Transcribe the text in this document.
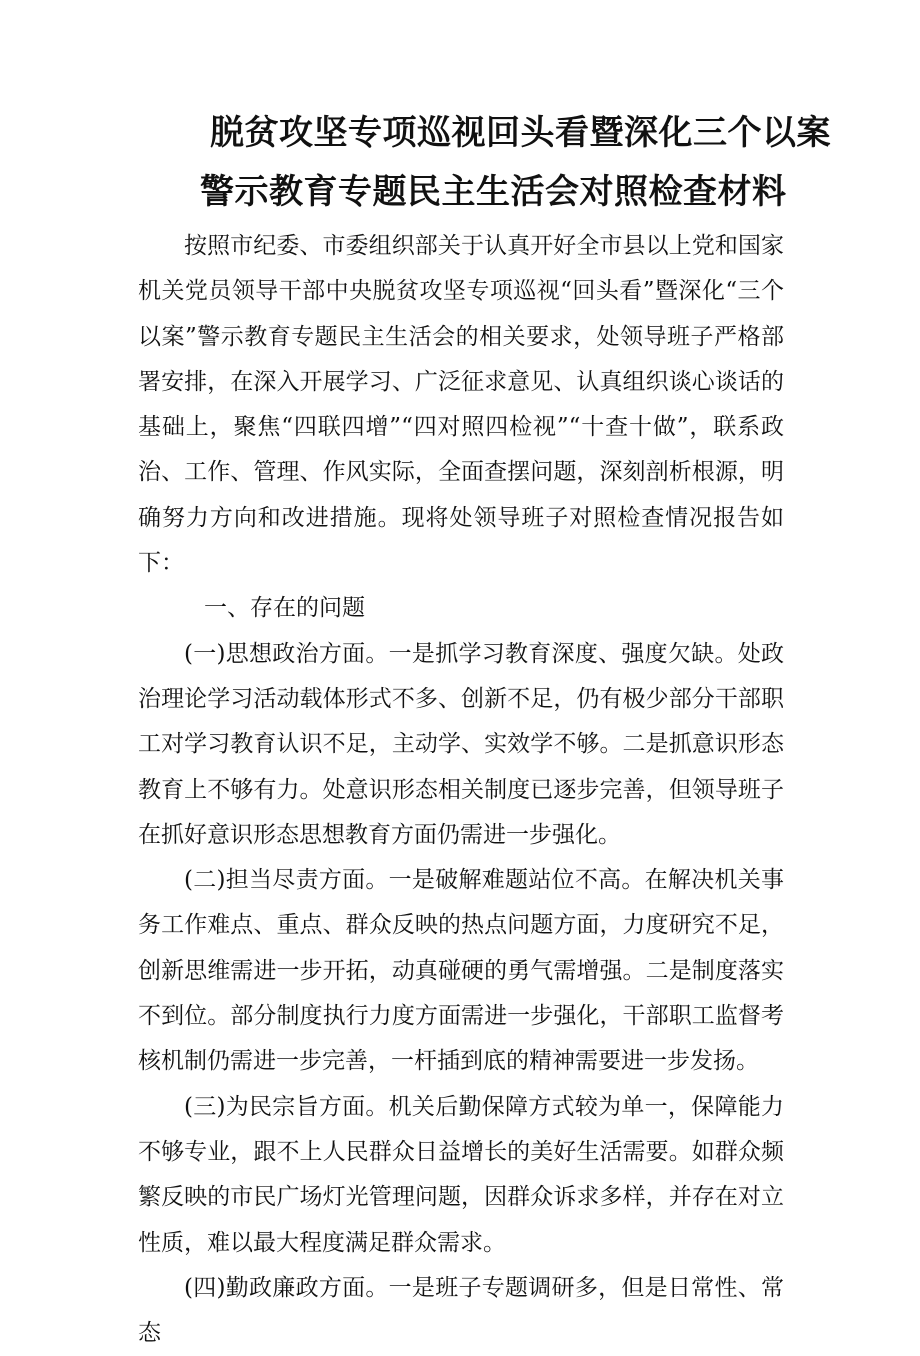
脱贫攻坚专项巡视回头看暨深化三个以案
警示教育专题民主生活会对照检查材料

按照市纪委、市委组织部关于认真开好全市县以上党和国家机关党员领导干部中央脱贫攻坚专项巡视“回头看”暨深化“三个以案”警示教育专题民主生活会的相关要求，处领导班子严格部署安排，在深入开展学习、广泛征求意见、认真组织谈心谈话的基础上，聚焦“四联四增”“四对照四检视”“十查十做”，联系政治、工作、管理、作风实际，全面查摆问题，深刻剖析根源，明确努力方向和改进措施。现将处领导班子对照检查情况报告如下：

一、存在的问题

(一)思想政治方面。一是抓学习教育深度、强度欠缺。处政治理论学习活动载体形式不多、创新不足，仍有极少部分干部职工对学习教育认识不足，主动学、实效学不够。二是抓意识形态教育上不够有力。处意识形态相关制度已逐步完善，但领导班子在抓好意识形态思想教育方面仍需进一步强化。

(二)担当尽责方面。一是破解难题站位不高。在解决机关事务工作难点、重点、群众反映的热点问题方面，力度研究不足，创新思维需进一步开拓，动真碰硬的勇气需增强。二是制度落实不到位。部分制度执行力度方面需进一步强化，干部职工监督考核机制仍需进一步完善，一杆插到底的精神需要进一步发扬。

(三)为民宗旨方面。机关后勤保障方式较为单一，保障能力不够专业，跟不上人民群众日益增长的美好生活需要。如群众频繁反映的市民广场灯光管理问题，因群众诉求多样，并存在对立性质，难以最大程度满足群众需求。

(四)勤政廉政方面。一是班子专题调研多，但是日常性、常态
